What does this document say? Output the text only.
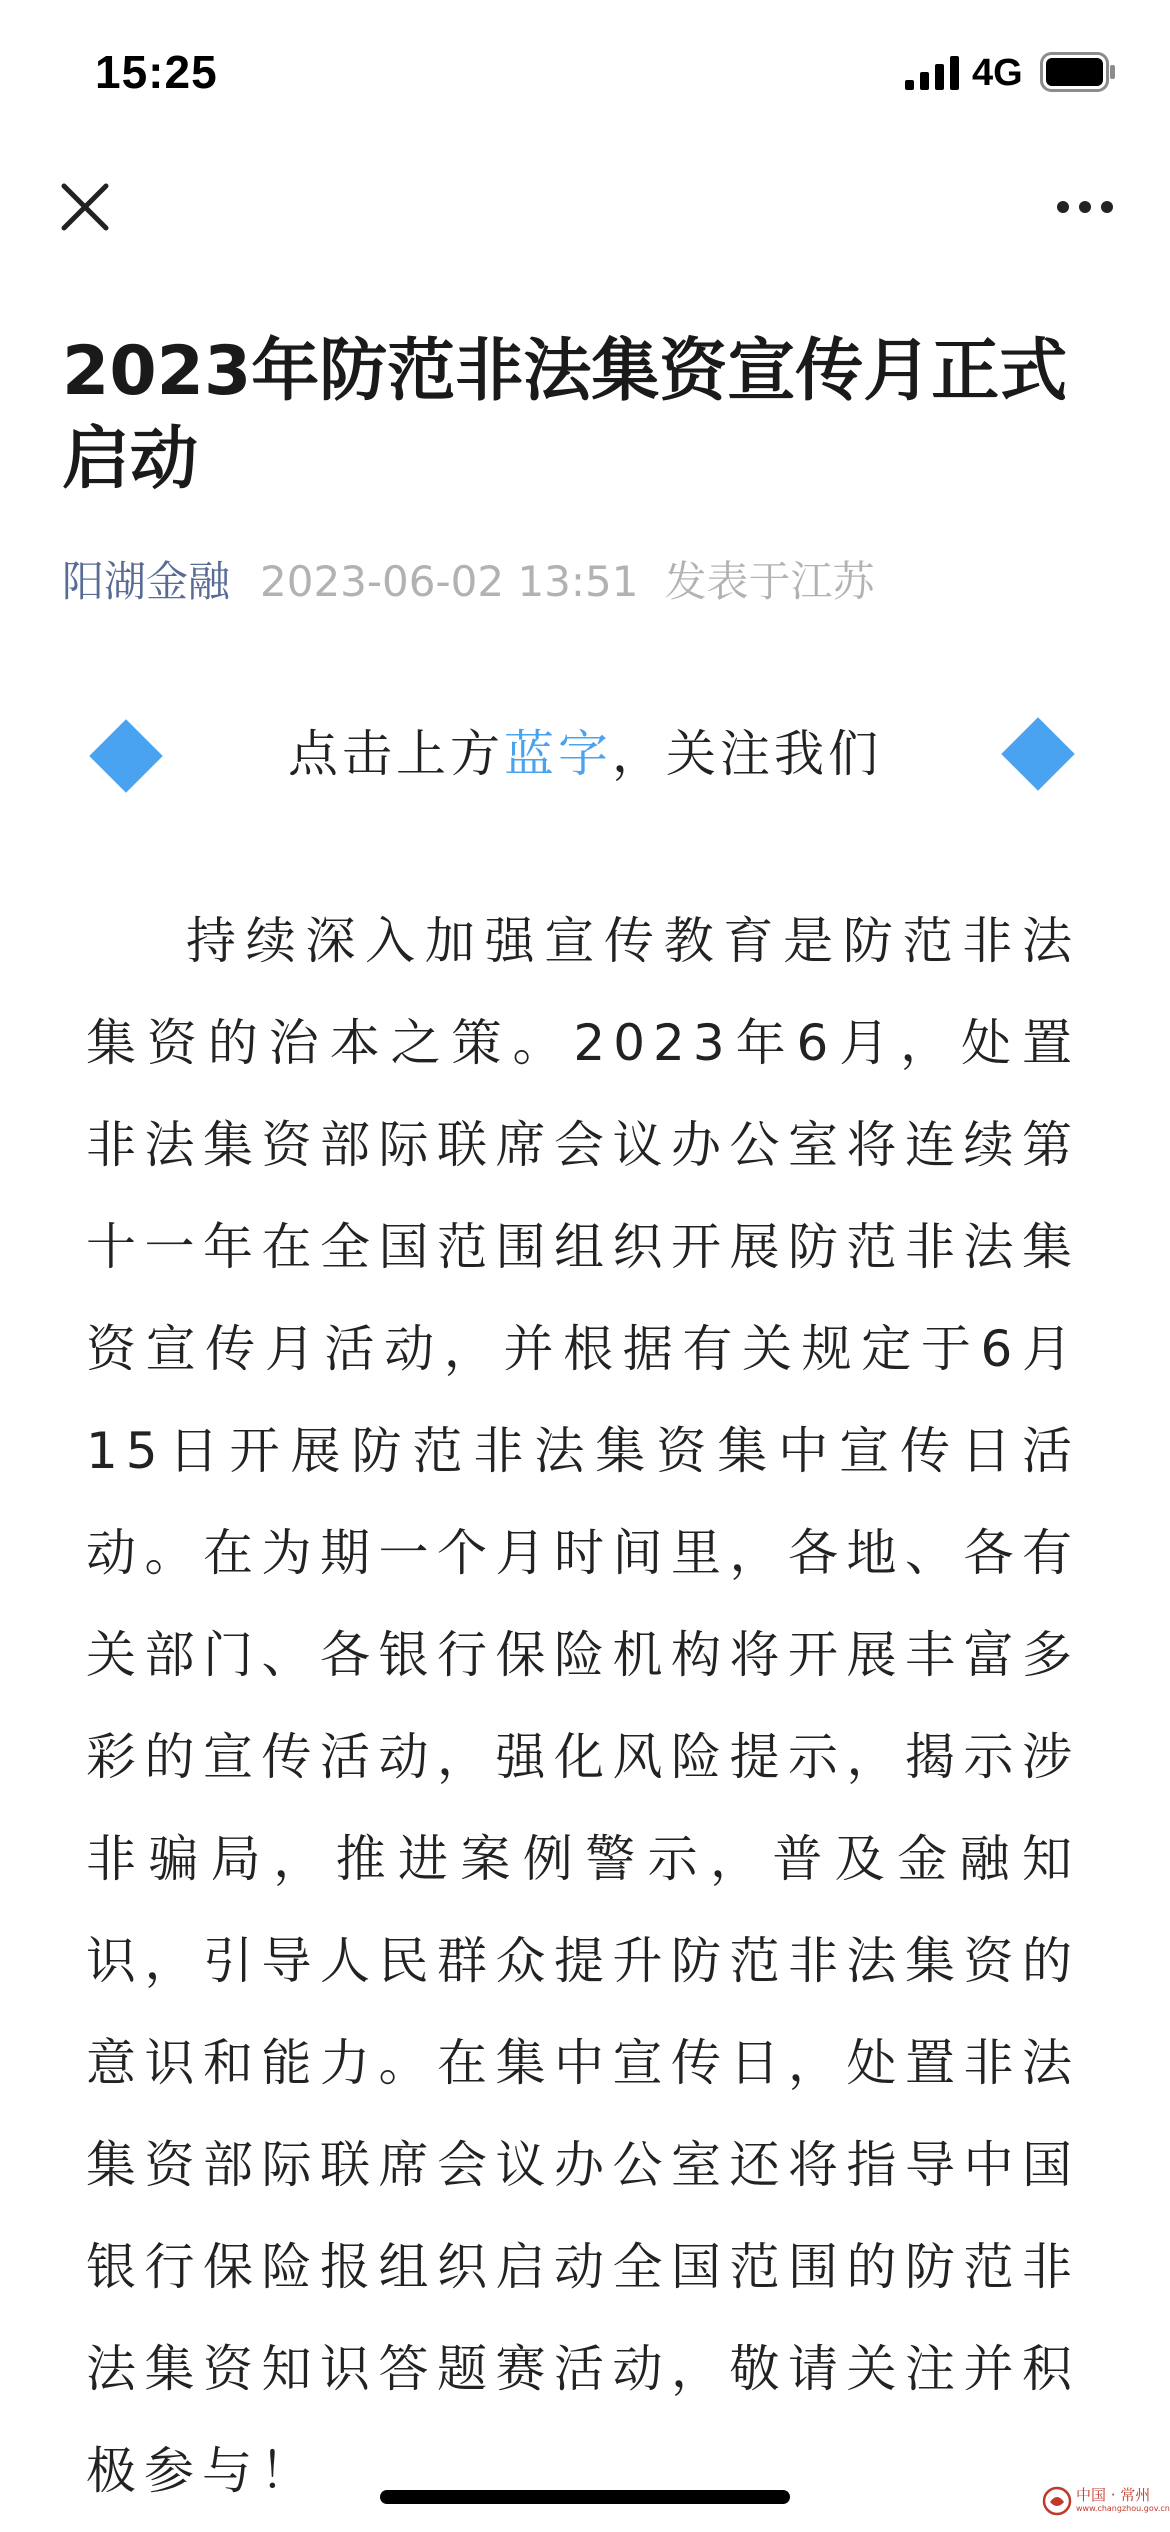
15:25	4G
2023年防范非法集资宣传月正式启动
阳湖金融 2023-06-02 13:51 发表于江苏
点击上方蓝字，关注我们
持续深入加强宣传教育是防范非法集资的治本之策。2023年6月，处置非法集资部际联席会议办公室将连续第十一年在全国范围组织开展防范非法集资宣传月活动，并根据有关规定于6月15日开展防范非法集资集中宣传日活动。在为期一个月时间里，各地、各有关部门、各银行保险机构将开展丰富多彩的宣传活动，强化风险提示，揭示涉非骗局，推进案例警示，普及金融知识，引导人民群众提升防范非法集资的意识和能力。在集中宣传日，处置非法集资部际联席会议办公室还将指导中国银行保险报组织启动全国范围的防范非法集资知识答题赛活动，敬请关注并积极参与！	中国 · 常州
www.changzhou.gov.cn
